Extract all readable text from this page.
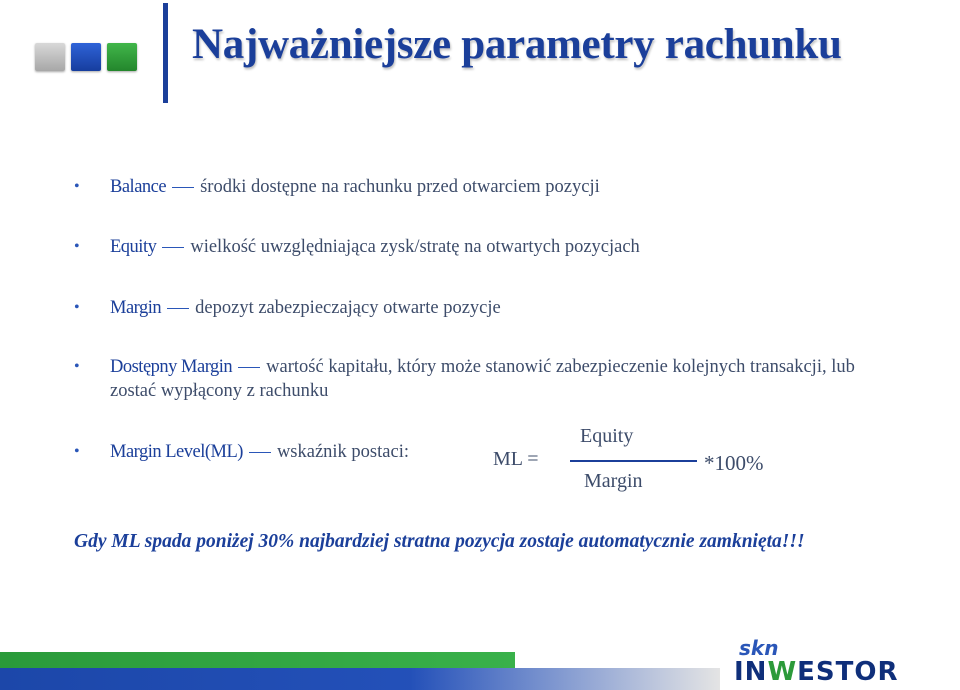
Najważniejsze parametry rachunku
• Balance środki dostępne na rachunku przed otwarciem pozycji
• Equity wielkość uwzględniająca zysk/stratę na otwartych pozycjach
• Margin depozyt zabezpieczający otwarte pozycje
• Dostępny Margin wartość kapitału, który może stanowić zabezpieczenie kolejnych transakcji, lub zostać wypłącony z rachunku
• Margin Level(ML) wskaźnik postaci:	ML =
Equity
Margin
*100%
Gdy ML spada poniżej 30% najbardziej stratna pozycja zostaje automatycznie zamknięta!!!
skn
INWESTOR
